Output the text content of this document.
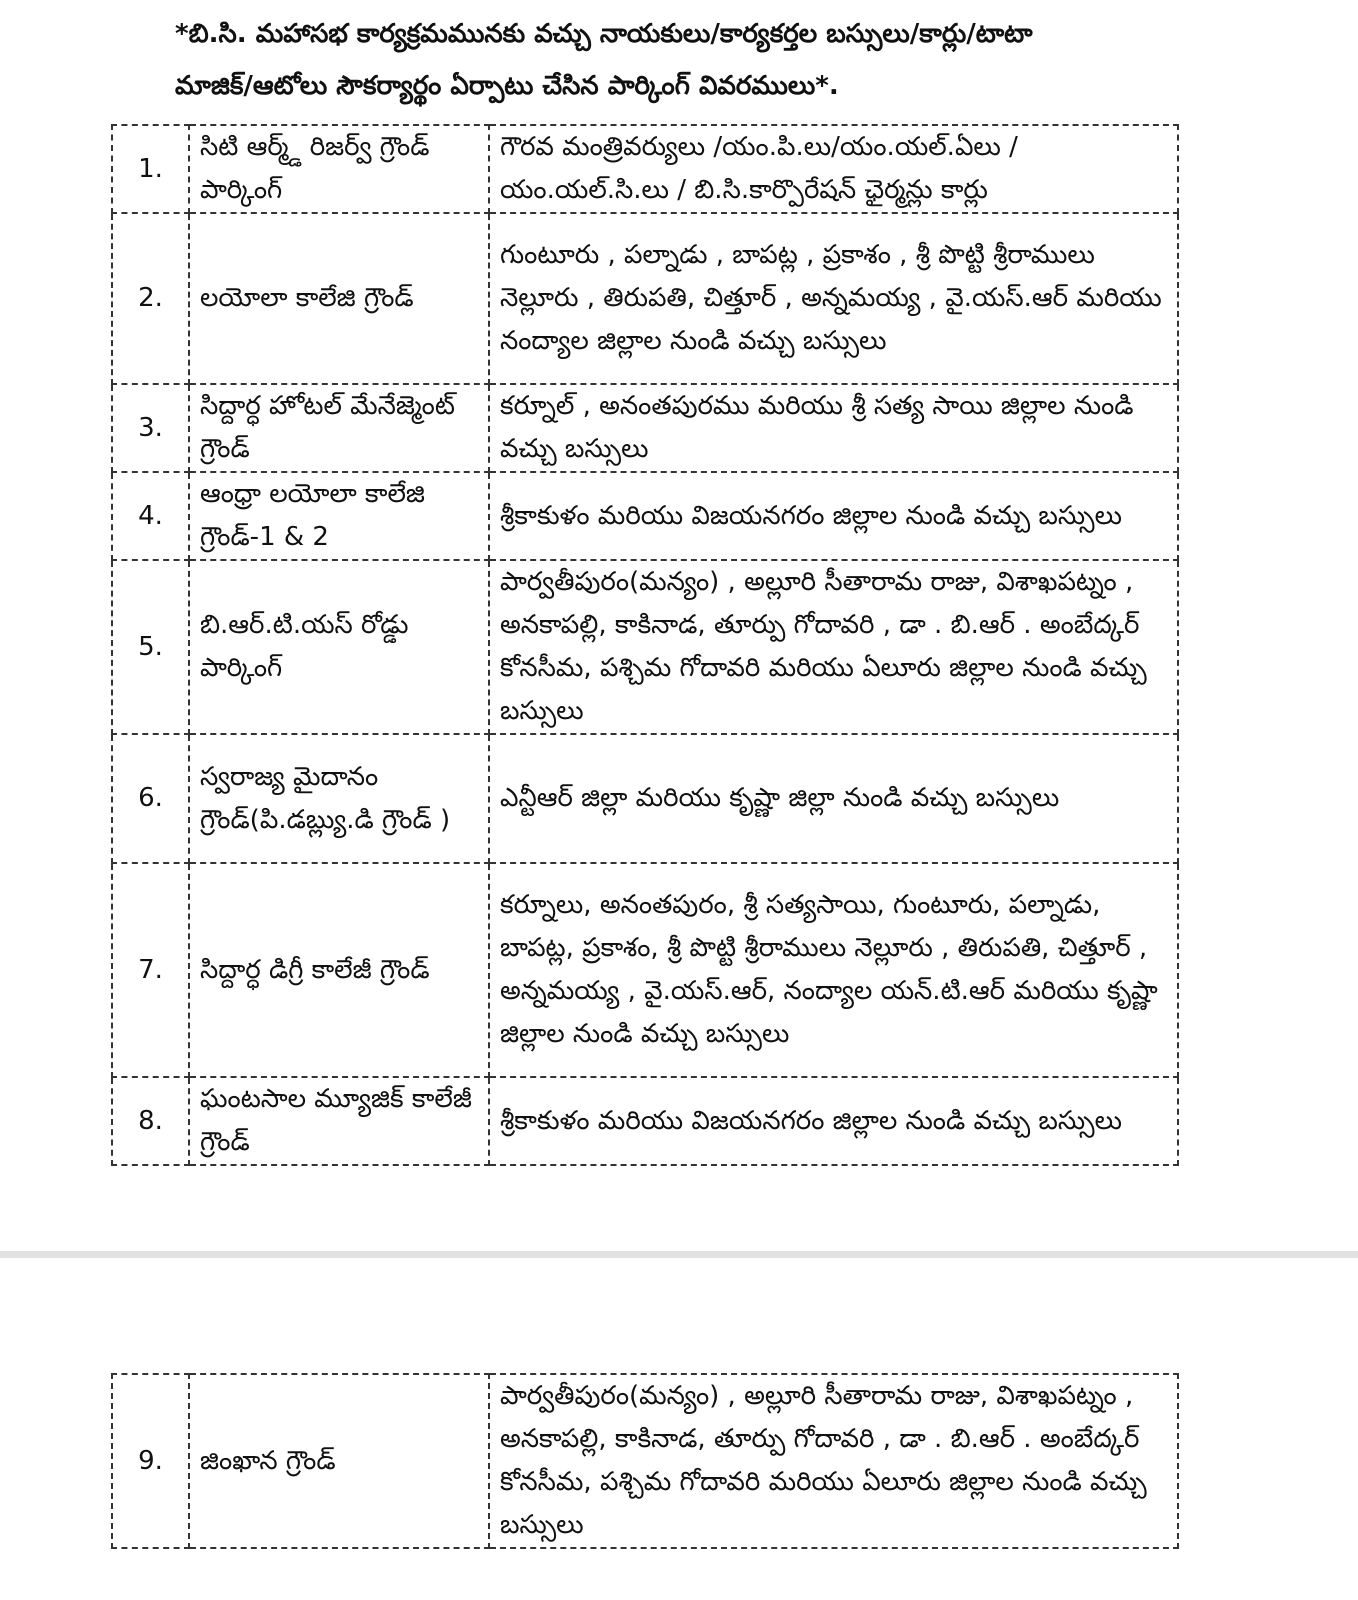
*బి.సి. మహాసభ కార్యక్రమమునకు వచ్చు నాయకులు/కార్యకర్తల బస్సులు/కార్లు/టాటా
మాజిక్/ఆటోలు సౌకర్యార్థం ఏర్పాటు చేసిన పార్కింగ్ వివరములు*.
1.	సిటి ఆర్మ్డ్ రిజర్వ్ గ్రౌండ్ పార్కింగ్	గౌరవ మంత్రివర్యులు /యం.పి.లు/యం.యల్.ఏలు /యం.యల్.సి.లు / బి.సి.కార్పొరేషన్ ఛైర్మన్లు కార్లు
2.	లయోలా కాలేజి గ్రౌండ్	గుంటూరు , పల్నాడు , బాపట్ల , ప్రకాశం , శ్రీ పొట్టి శ్రీరాములు నెల్లూరు , తిరుపతి, చిత్తూర్ , అన్నమయ్య , వై.యస్.ఆర్ మరియు నంద్యాల జిల్లాల నుండి వచ్చు బస్సులు
3.	సిద్దార్ధ హోటల్ మేనేజ్మెంట్ గ్రౌండ్	కర్నూల్ , అనంతపురము మరియు శ్రీ సత్య సాయి జిల్లాల నుండి వచ్చు బస్సులు
4.	ఆంధ్రా లయోలా కాలేజి గ్రౌండ్-1 & 2	శ్రీకాకుళం మరియు విజయనగరం జిల్లాల నుండి వచ్చు బస్సులు
5.	బి.ఆర్.టి.యస్ రోడ్డు పార్కింగ్	పార్వతీపురం(మన్యం) , అల్లూరి సీతారామ రాజు, విశాఖపట్నం , అనకాపల్లి, కాకినాడ, తూర్పు గోదావరి , డా . బి.ఆర్ . అంబేద్కర్ కోనసీమ, పశ్చిమ గోదావరి మరియు ఏలూరు జిల్లాల నుండి వచ్చు బస్సులు
6.	స్వరాజ్య మైదానం గ్రౌండ్(పి.డబ్ల్యు.డి గ్రౌండ్ )	ఎన్టీఆర్ జిల్లా మరియు కృష్ణా జిల్లా నుండి వచ్చు బస్సులు
7.	సిద్దార్ధ డిగ్రీ కాలేజీ గ్రౌండ్	కర్నూలు, అనంతపురం, శ్రీ సత్యసాయి, గుంటూరు, పల్నాడు, బాపట్ల, ప్రకాశం, శ్రీ పొట్టి శ్రీరాములు నెల్లూరు , తిరుపతి, చిత్తూర్ , అన్నమయ్య , వై.యస్.ఆర్, నంద్యాల యన్.టి.ఆర్ మరియు కృష్ణా జిల్లాల నుండి వచ్చు బస్సులు
8.	ఘంటసాల మ్యూజిక్ కాలేజీ గ్రౌండ్	శ్రీకాకుళం మరియు విజయనగరం జిల్లాల నుండి వచ్చు బస్సులు
9.	జింఖాన గ్రౌండ్	పార్వతీపురం(మన్యం) , అల్లూరి సీతారామ రాజు, విశాఖపట్నం , అనకాపల్లి, కాకినాడ, తూర్పు గోదావరి , డా . బి.ఆర్ . అంబేద్కర్ కోనసీమ, పశ్చిమ గోదావరి మరియు ఏలూరు జిల్లాల నుండి వచ్చు బస్సులు
